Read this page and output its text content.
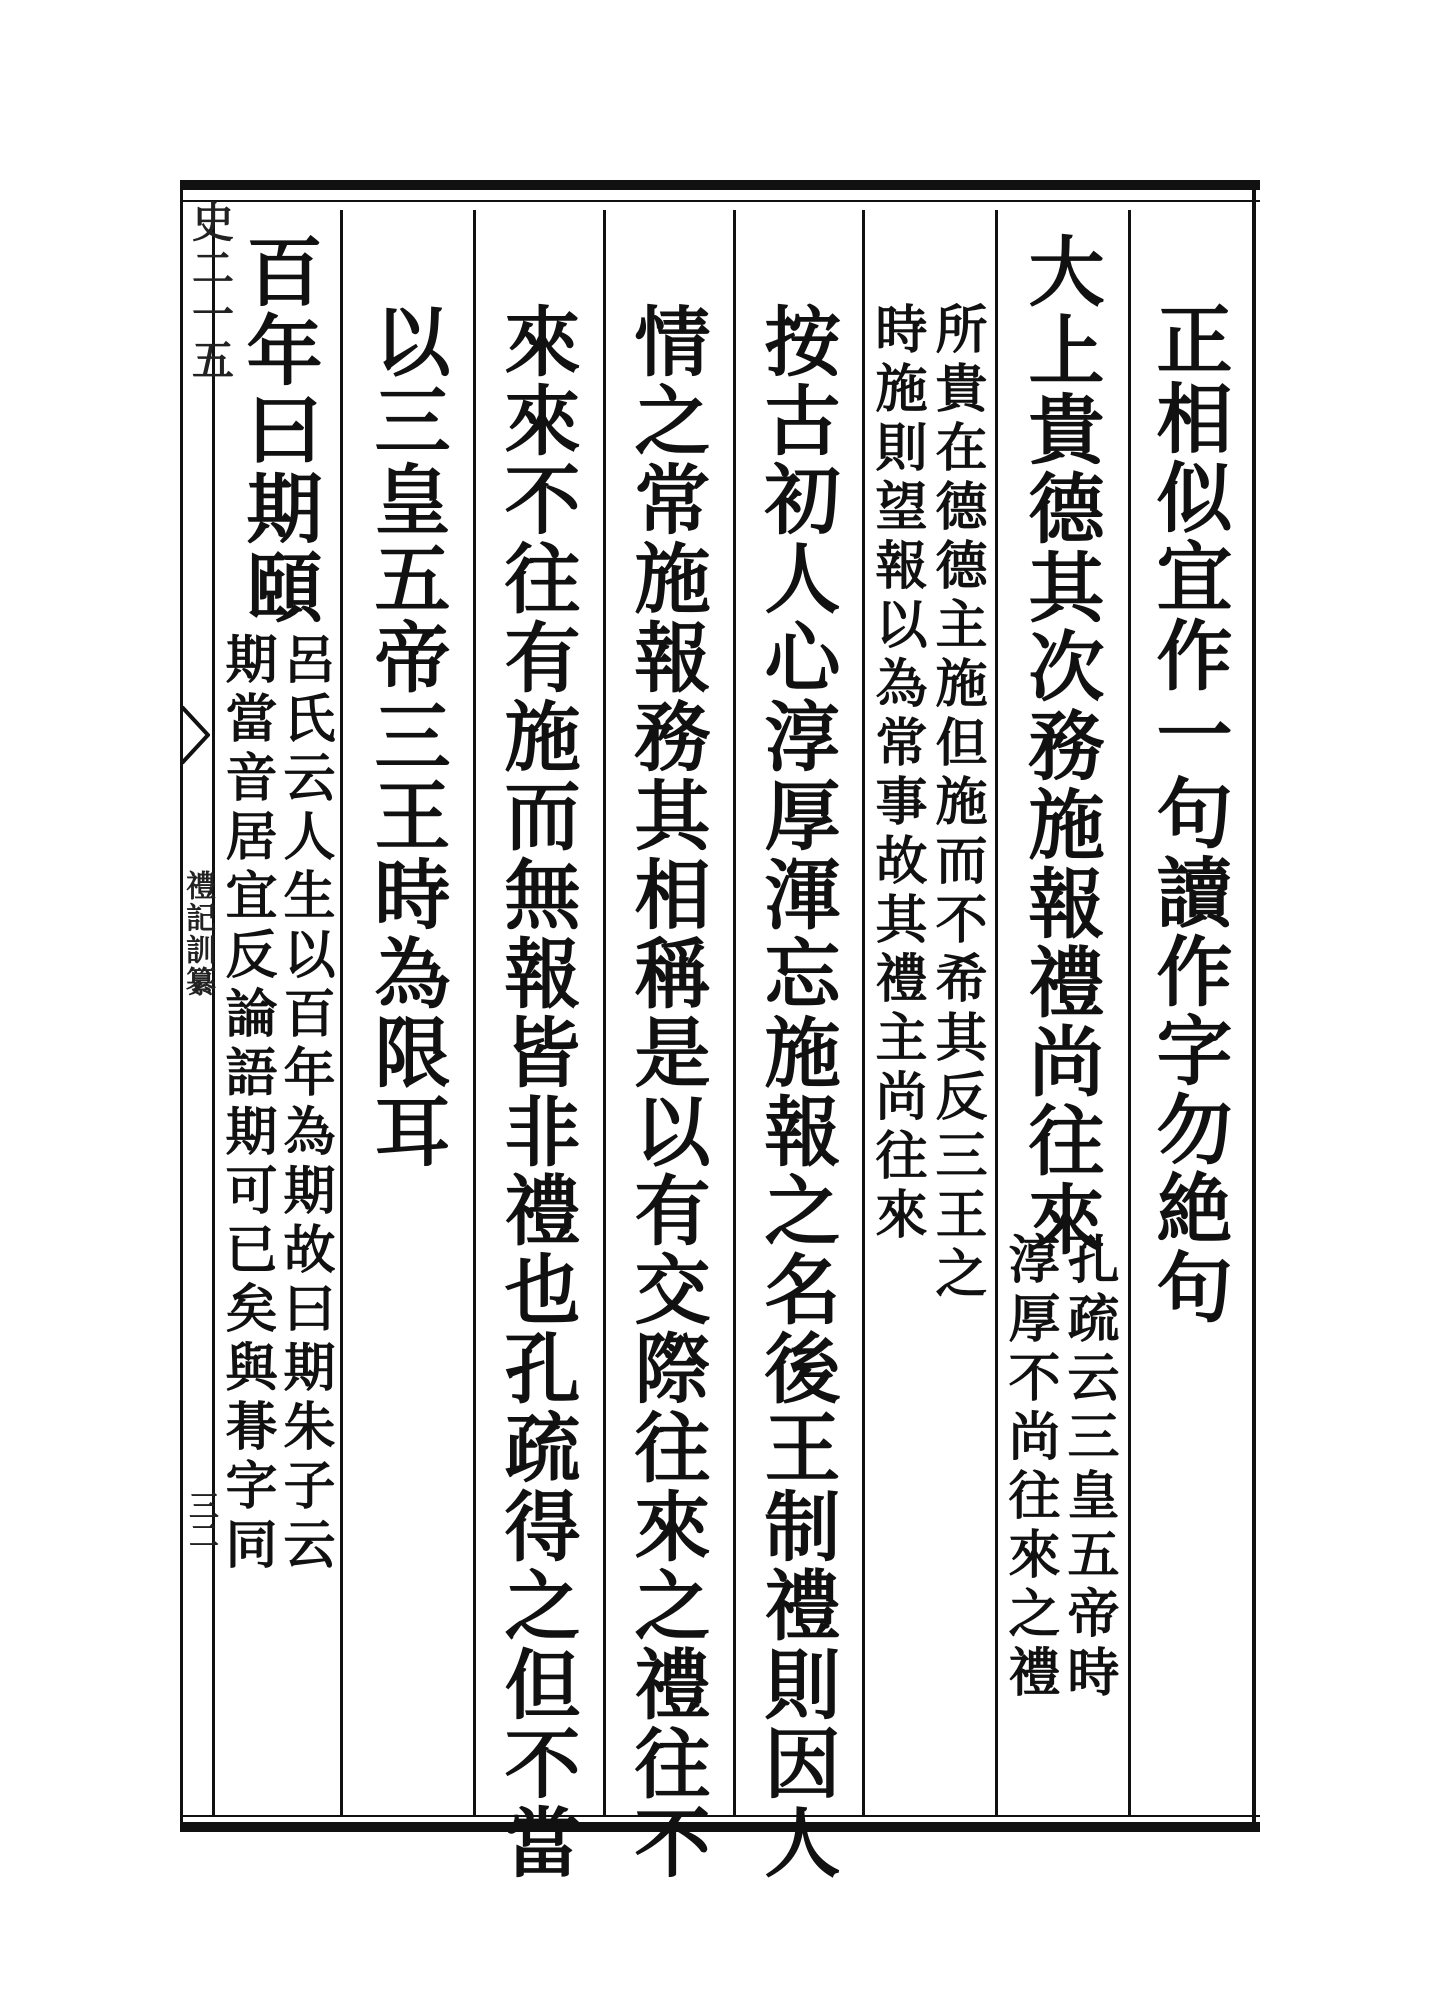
史二一五
禮記訓纂
三二
正相似宜作一句讀作字勿絶句
大上貴德其次務施報禮尚往來
孔疏云三皇五帝時
淳厚不尚往來之禮
所貴在德德主施但施而不希其反三王之
時施則望報以為常事故其禮主尚往來
按古初人心淳厚渾忘施報之名後王制禮則因人
情之常施報務其相稱是以有交際往來之禮往不
來來不往有施而無報皆非禮也孔疏得之但不當
以三皇五帝三王時為限耳
百年曰期頤
呂氏云人生以百年為期故曰期朱子云
期當音居宜反論語期可已矣與朞字同
